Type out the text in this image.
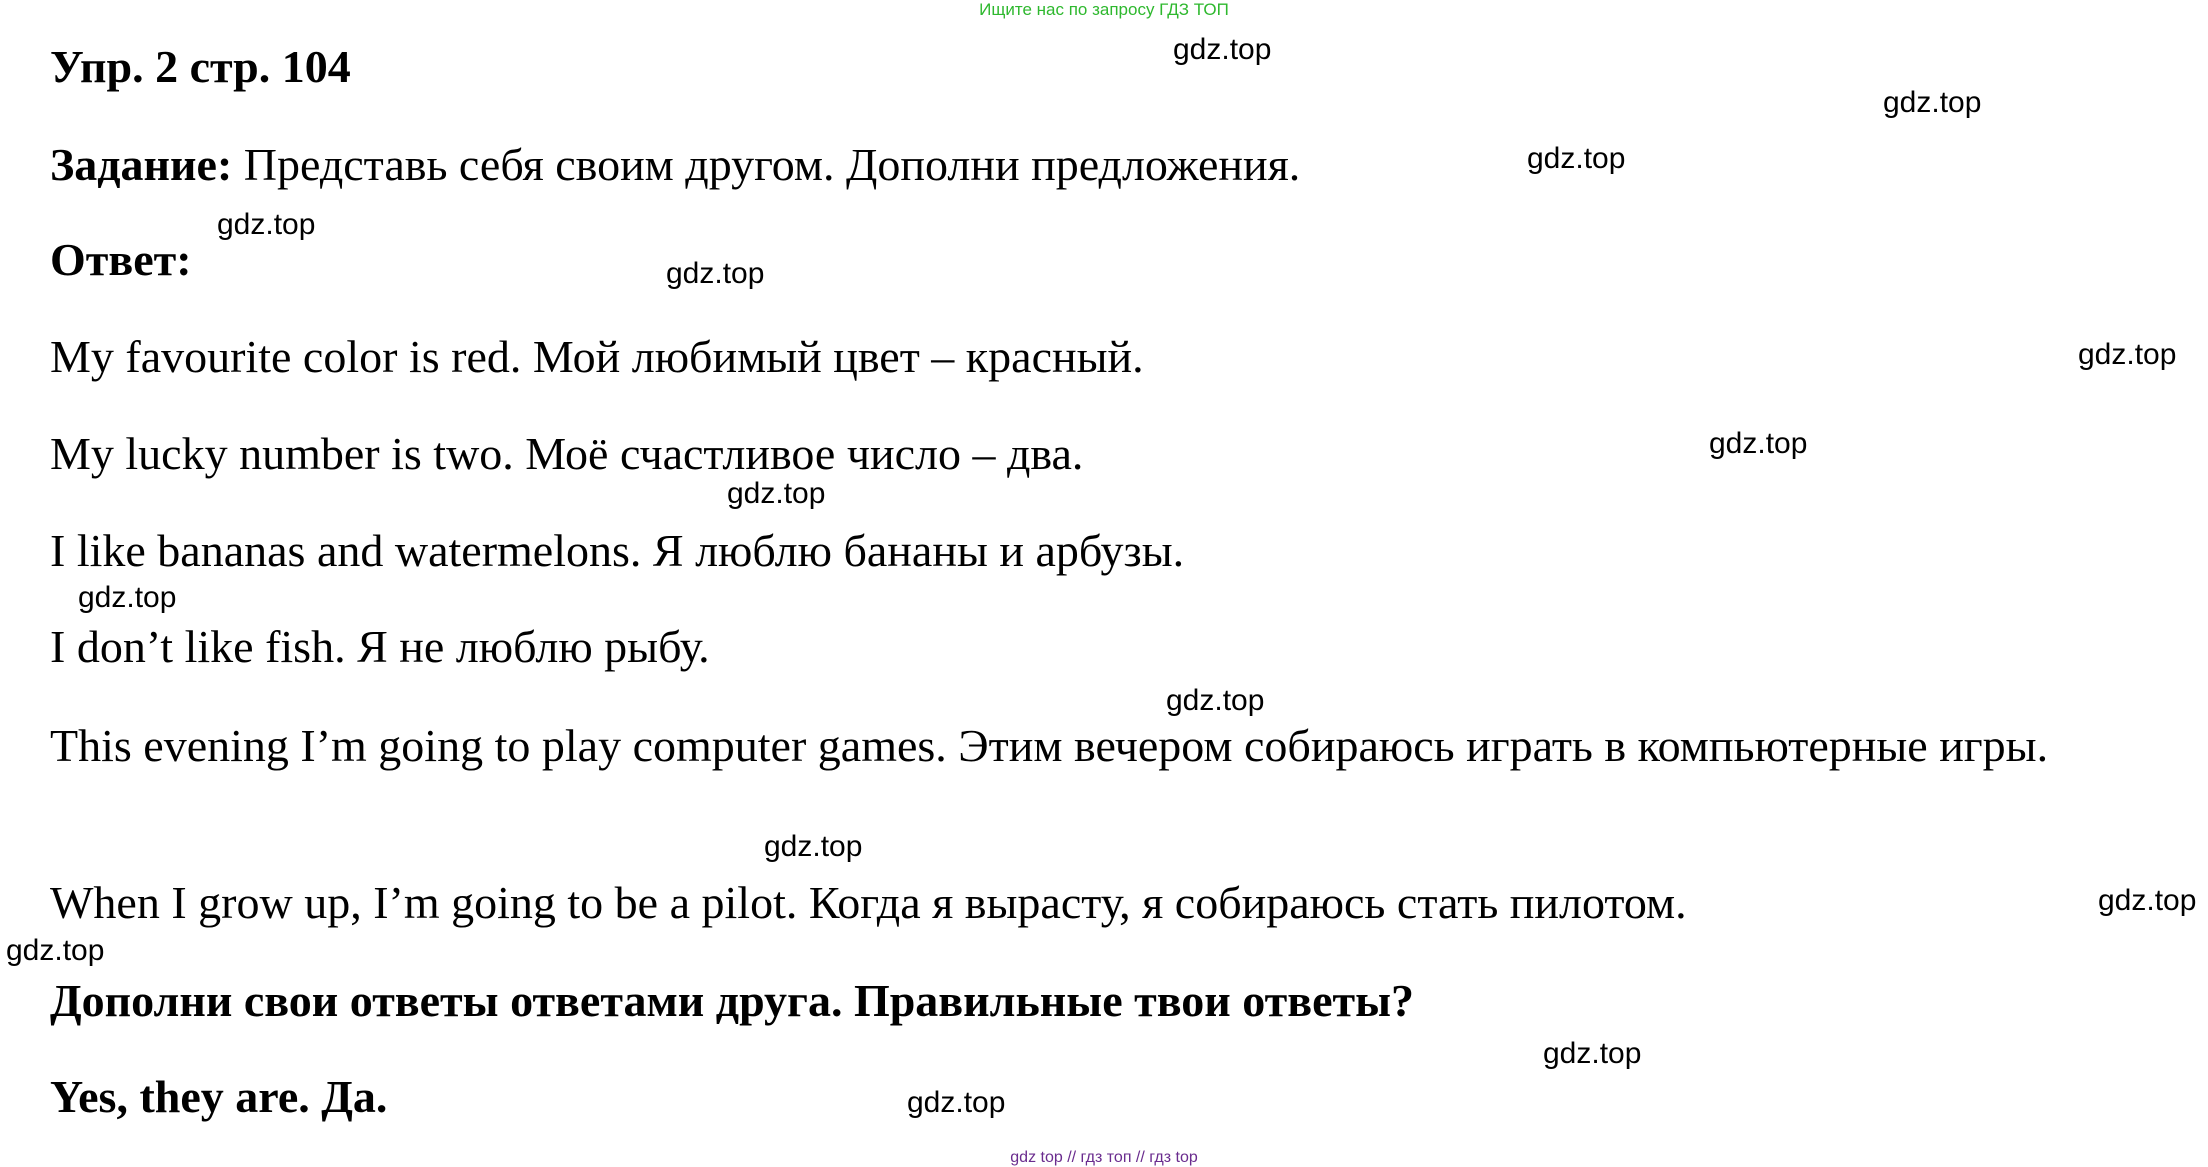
Ищите нас по запросу ГДЗ ТОП
Упр. 2 стр. 104
Задание: Представь себя своим другом. Дополни предложения.
Ответ:
My favourite color is red. Мой любимый цвет – красный.
My lucky number is two. Моё счастливое число – два.
I like bananas and watermelons. Я люблю бананы и арбузы.
I don’t like fish. Я не люблю рыбу.
This evening I’m going to play computer games. Этим вечером собираюсь играть в компьютерные игры.
When I grow up, I’m going to be a pilot. Когда я вырасту, я собираюсь стать пилотом.
Дополни свои ответы ответами друга. Правильные твои ответы?
Yes, they are. Да.
gdz.top
gdz.top
gdz.top
gdz.top
gdz.top
gdz.top
gdz.top
gdz.top
gdz.top
gdz.top
gdz.top
gdz.top
gdz.top
gdz.top
gdz.top
gdz top // гдз топ // гдз top
